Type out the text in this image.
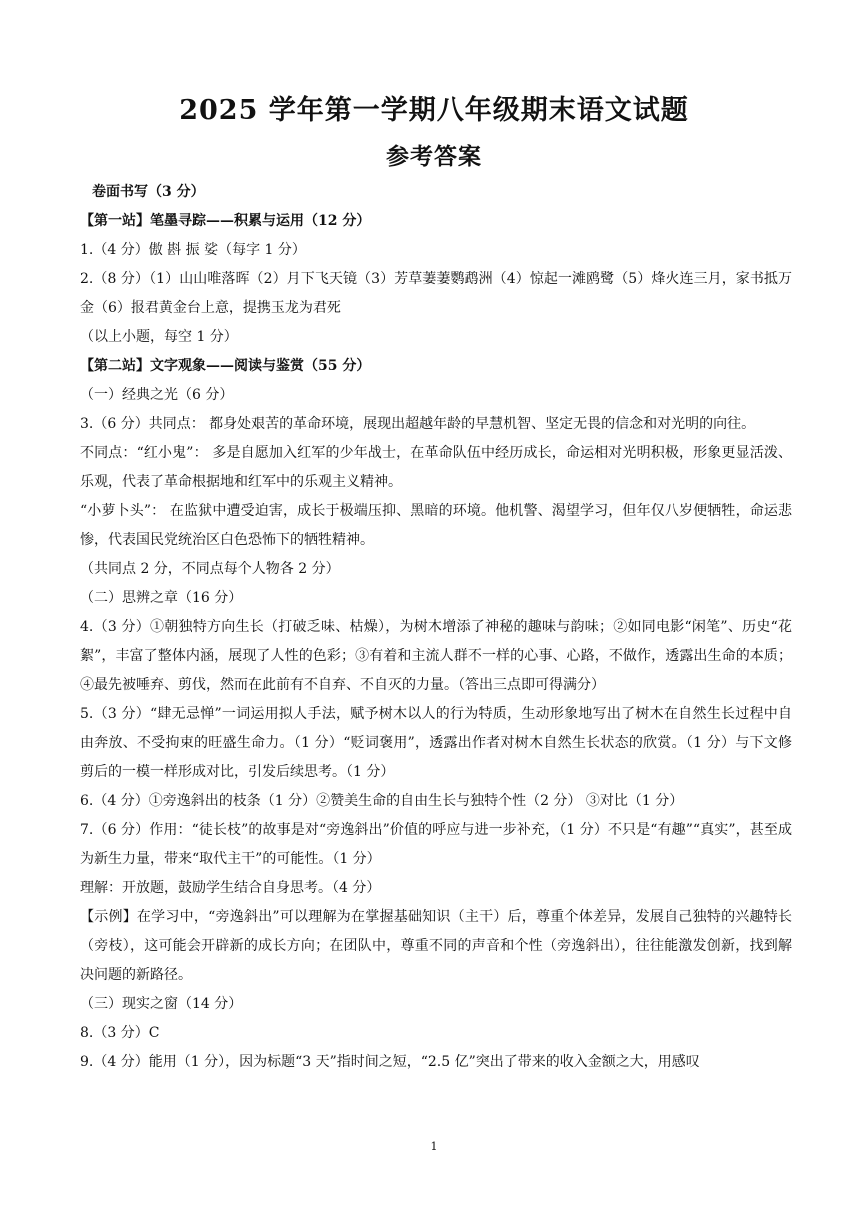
2025 学年第一学期八年级期末语文试题
参考答案

卷面书写（3 分）

【第一站】笔墨寻踪——积累与运用（12 分）

1.（4 分）傲 斟 振 娑（每字 1 分）

2.（8 分）（1）山山唯落晖（2）月下飞天镜（3）芳草萋萋鹦鹉洲（4）惊起一滩鸥鹭（5）烽火连三月，家书抵万金（6）报君黄金台上意，提携玉龙为君死

（以上小题，每空 1 分）

【第二站】文字观象——阅读与鉴赏（55 分）

（一）经典之光（6 分）

3.（6 分）共同点： 都身处艰苦的革命环境，展现出超越年龄的早慧机智、坚定无畏的信念和对光明的向往。

不同点：“红小鬼”： 多是自愿加入红军的少年战士，在革命队伍中经历成长，命运相对光明积极，形象更显活泼、乐观，代表了革命根据地和红军中的乐观主义精神。

“小萝卜头”： 在监狱中遭受迫害，成长于极端压抑、黑暗的环境。他机警、渴望学习，但年仅八岁便牺牲，命运悲惨，代表国民党统治区白色恐怖下的牺牲精神。

（共同点 2 分，不同点每个人物各 2 分）

（二）思辨之章（16 分）

4.（3 分）①朝独特方向生长（打破乏味、枯燥），为树木增添了神秘的趣味与韵味；②如同电影“闲笔”、历史“花絮”，丰富了整体内涵，展现了人性的色彩；③有着和主流人群不一样的心事、心路，不做作，透露出生命的本质；④最先被唾弃、剪伐，然而在此前有不自弃、不自灭的力量。（答出三点即可得满分）

5.（3 分）“肆无忌惮”一词运用拟人手法，赋予树木以人的行为特质，生动形象地写出了树木在自然生长过程中自由奔放、不受拘束的旺盛生命力。（1 分）“贬词褒用”，透露出作者对树木自然生长状态的欣赏。（1 分）与下文修剪后的一模一样形成对比，引发后续思考。（1 分）

6.（4 分）①旁逸斜出的枝条（1 分）②赞美生命的自由生长与独特个性（2 分） ③对比（1 分）

7.（6 分）作用：“徒长枝”的故事是对“旁逸斜出”价值的呼应与进一步补充，（1 分）不只是“有趣”“真实”，甚至成为新生力量，带来“取代主干”的可能性。（1 分）

理解：开放题，鼓励学生结合自身思考。（4 分）

【示例】在学习中，“旁逸斜出”可以理解为在掌握基础知识（主干）后，尊重个体差异，发展自己独特的兴趣特长（旁枝），这可能会开辟新的成长方向；在团队中，尊重不同的声音和个性（旁逸斜出），往往能激发创新，找到解决问题的新路径。

（三）现实之窗（14 分）

8.（3 分）C

9.（4 分）能用（1 分），因为标题“3 天”指时间之短，“2.5 亿”突出了带来的收入金额之大，用感叹

1
